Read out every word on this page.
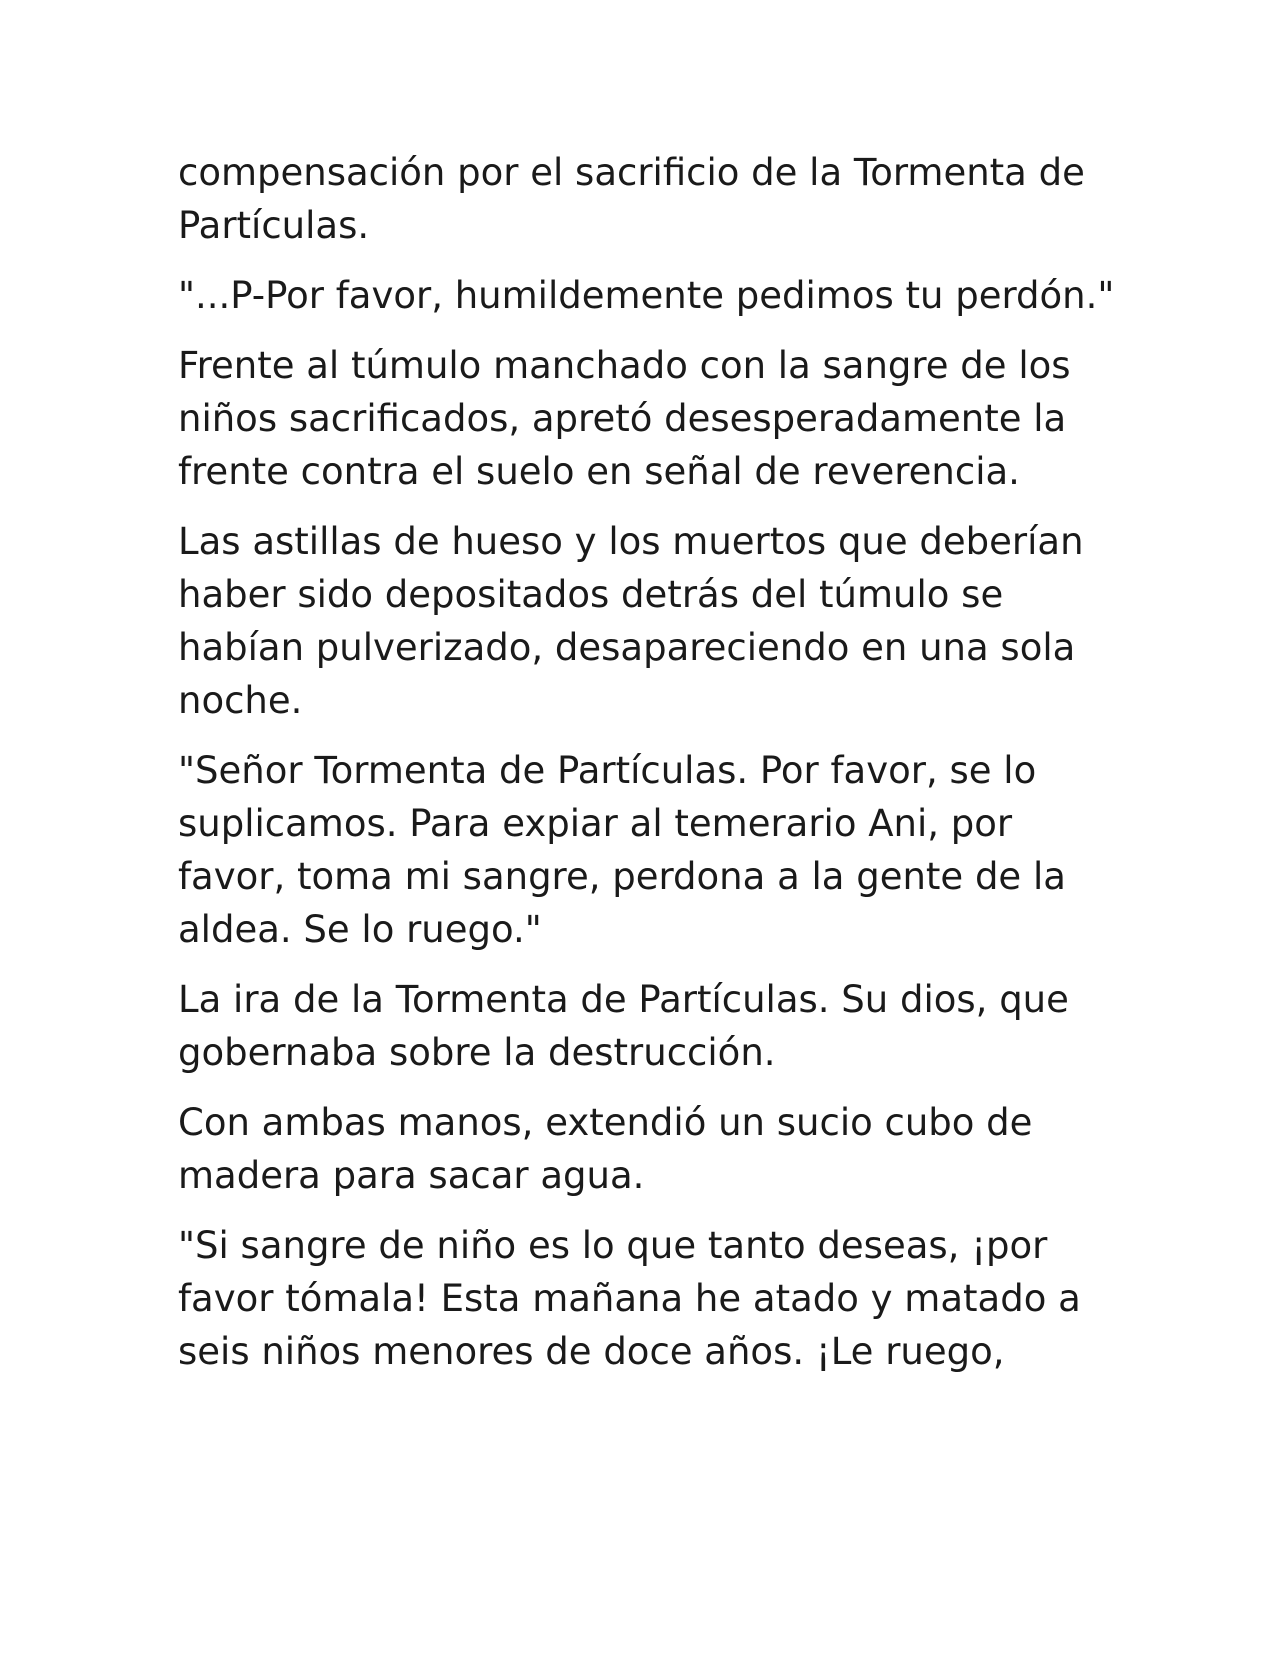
compensación por el sacrificio de la Tormenta de Partículas.

"...P-Por favor, humildemente pedimos tu perdón."

Frente al túmulo manchado con la sangre de los niños sacrificados, apretó desesperadamente la frente contra el suelo en señal de reverencia.

Las astillas de hueso y los muertos que deberían haber sido depositados detrás del túmulo se habían pulverizado, desapareciendo en una sola noche.

"Señor Tormenta de Partículas. Por favor, se lo suplicamos. Para expiar al temerario Ani, por favor, toma mi sangre, perdona a la gente de la aldea. Se lo ruego."

La ira de la Tormenta de Partículas. Su dios, que gobernaba sobre la destrucción.

Con ambas manos, extendió un sucio cubo de madera para sacar agua.

"Si sangre de niño es lo que tanto deseas, ¡por favor tómala! Esta mañana he atado y matado a seis niños menores de doce años. ¡Le ruego,
